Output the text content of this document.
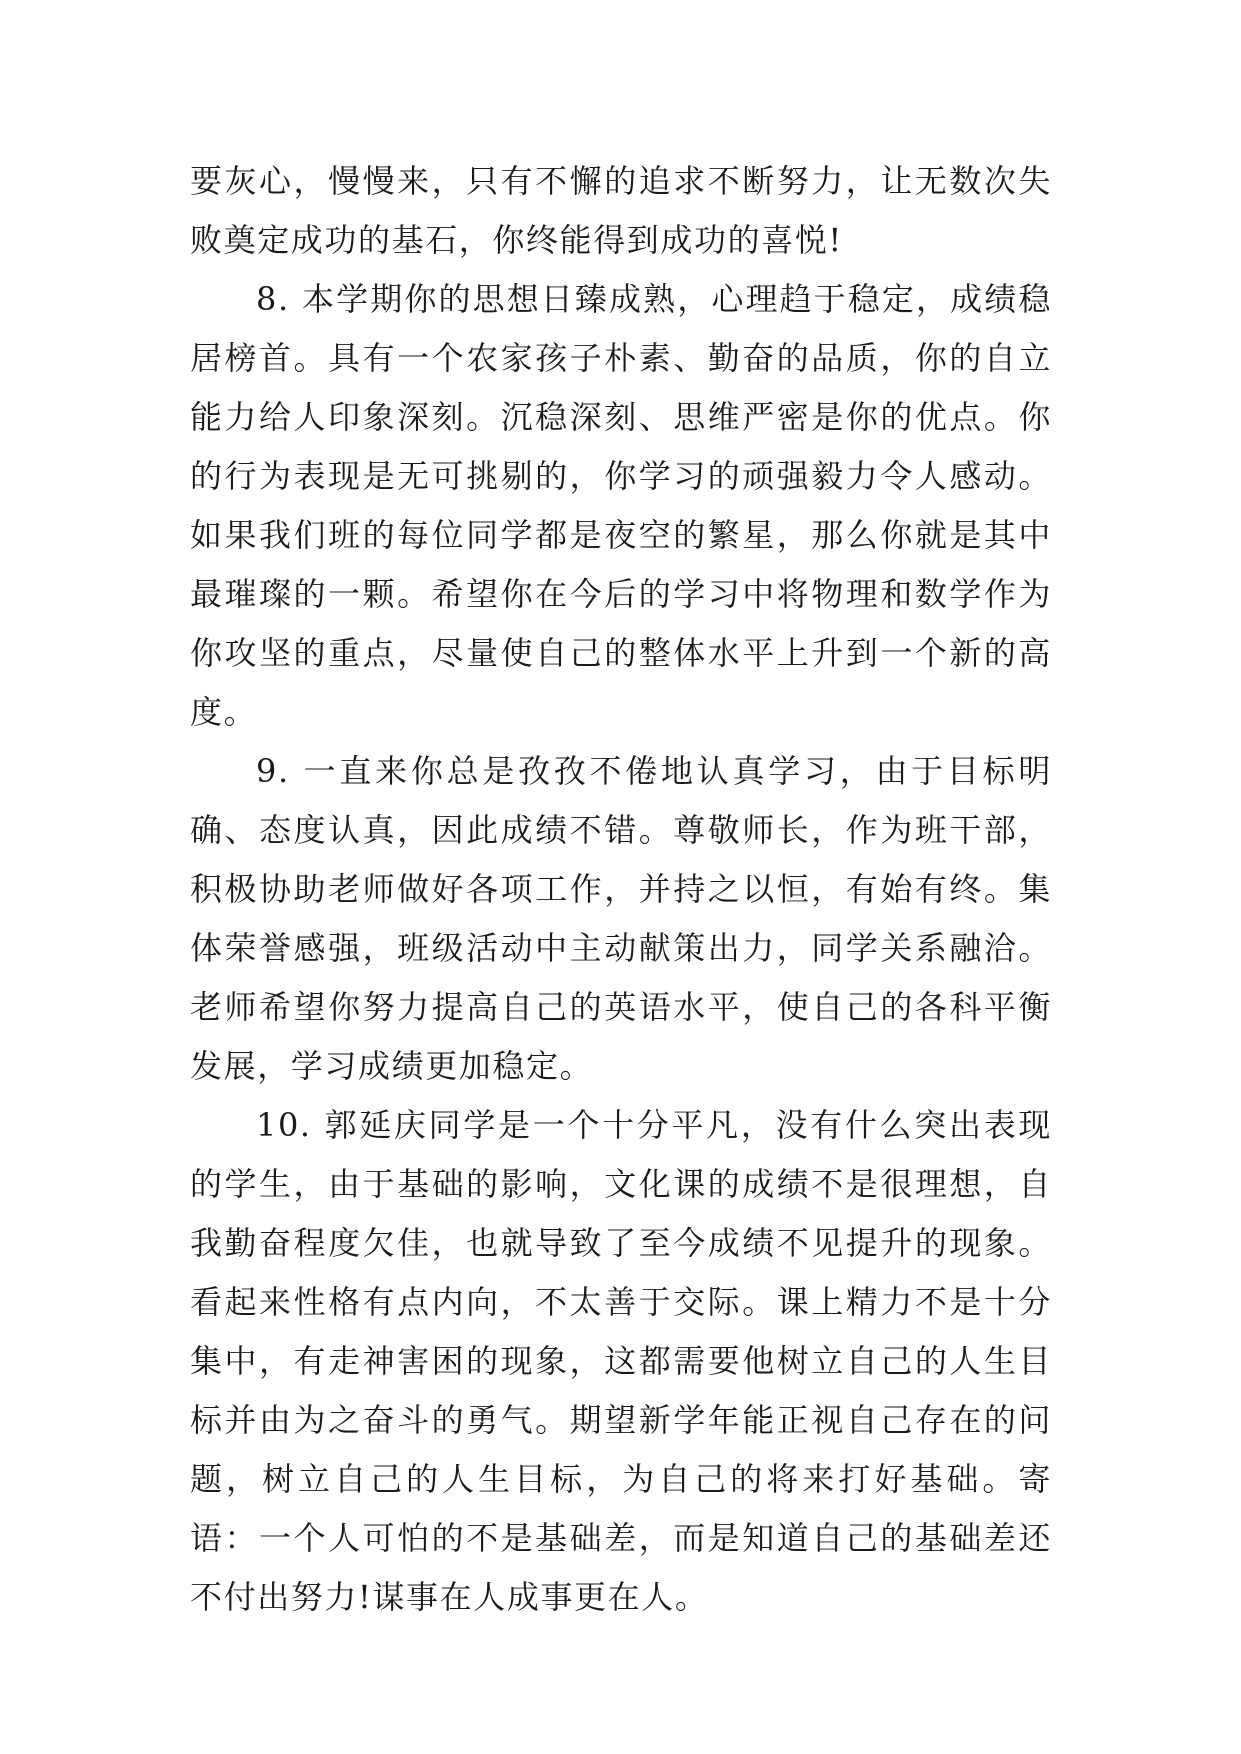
要灰心，慢慢来，只有不懈的追求不断努力，让无数次失败奠定成功的基石，你终能得到成功的喜悦!

8. 本学期你的思想日臻成熟，心理趋于稳定，成绩稳居榜首。具有一个农家孩子朴素、勤奋的品质，你的自立能力给人印象深刻。沉稳深刻、思维严密是你的优点。你的行为表现是无可挑剔的，你学习的顽强毅力令人感动。如果我们班的每位同学都是夜空的繁星，那么你就是其中最璀璨的一颗。希望你在今后的学习中将物理和数学作为你攻坚的重点，尽量使自己的整体水平上升到一个新的高度。

9. 一直来你总是孜孜不倦地认真学习，由于目标明确、态度认真，因此成绩不错。尊敬师长，作为班干部，积极协助老师做好各项工作，并持之以恒，有始有终。集体荣誉感强，班级活动中主动献策出力，同学关系融洽。老师希望你努力提高自己的英语水平，使自己的各科平衡发展，学习成绩更加稳定。

10. 郭延庆同学是一个十分平凡，没有什么突出表现的学生，由于基础的影响，文化课的成绩不是很理想，自我勤奋程度欠佳，也就导致了至今成绩不见提升的现象。看起来性格有点内向，不太善于交际。课上精力不是十分集中，有走神害困的现象，这都需要他树立自己的人生目标并由为之奋斗的勇气。期望新学年能正视自己存在的问题，树立自己的人生目标，为自己的将来打好基础。寄语：一个人可怕的不是基础差，而是知道自己的基础差还不付出努力!谋事在人成事更在人。
